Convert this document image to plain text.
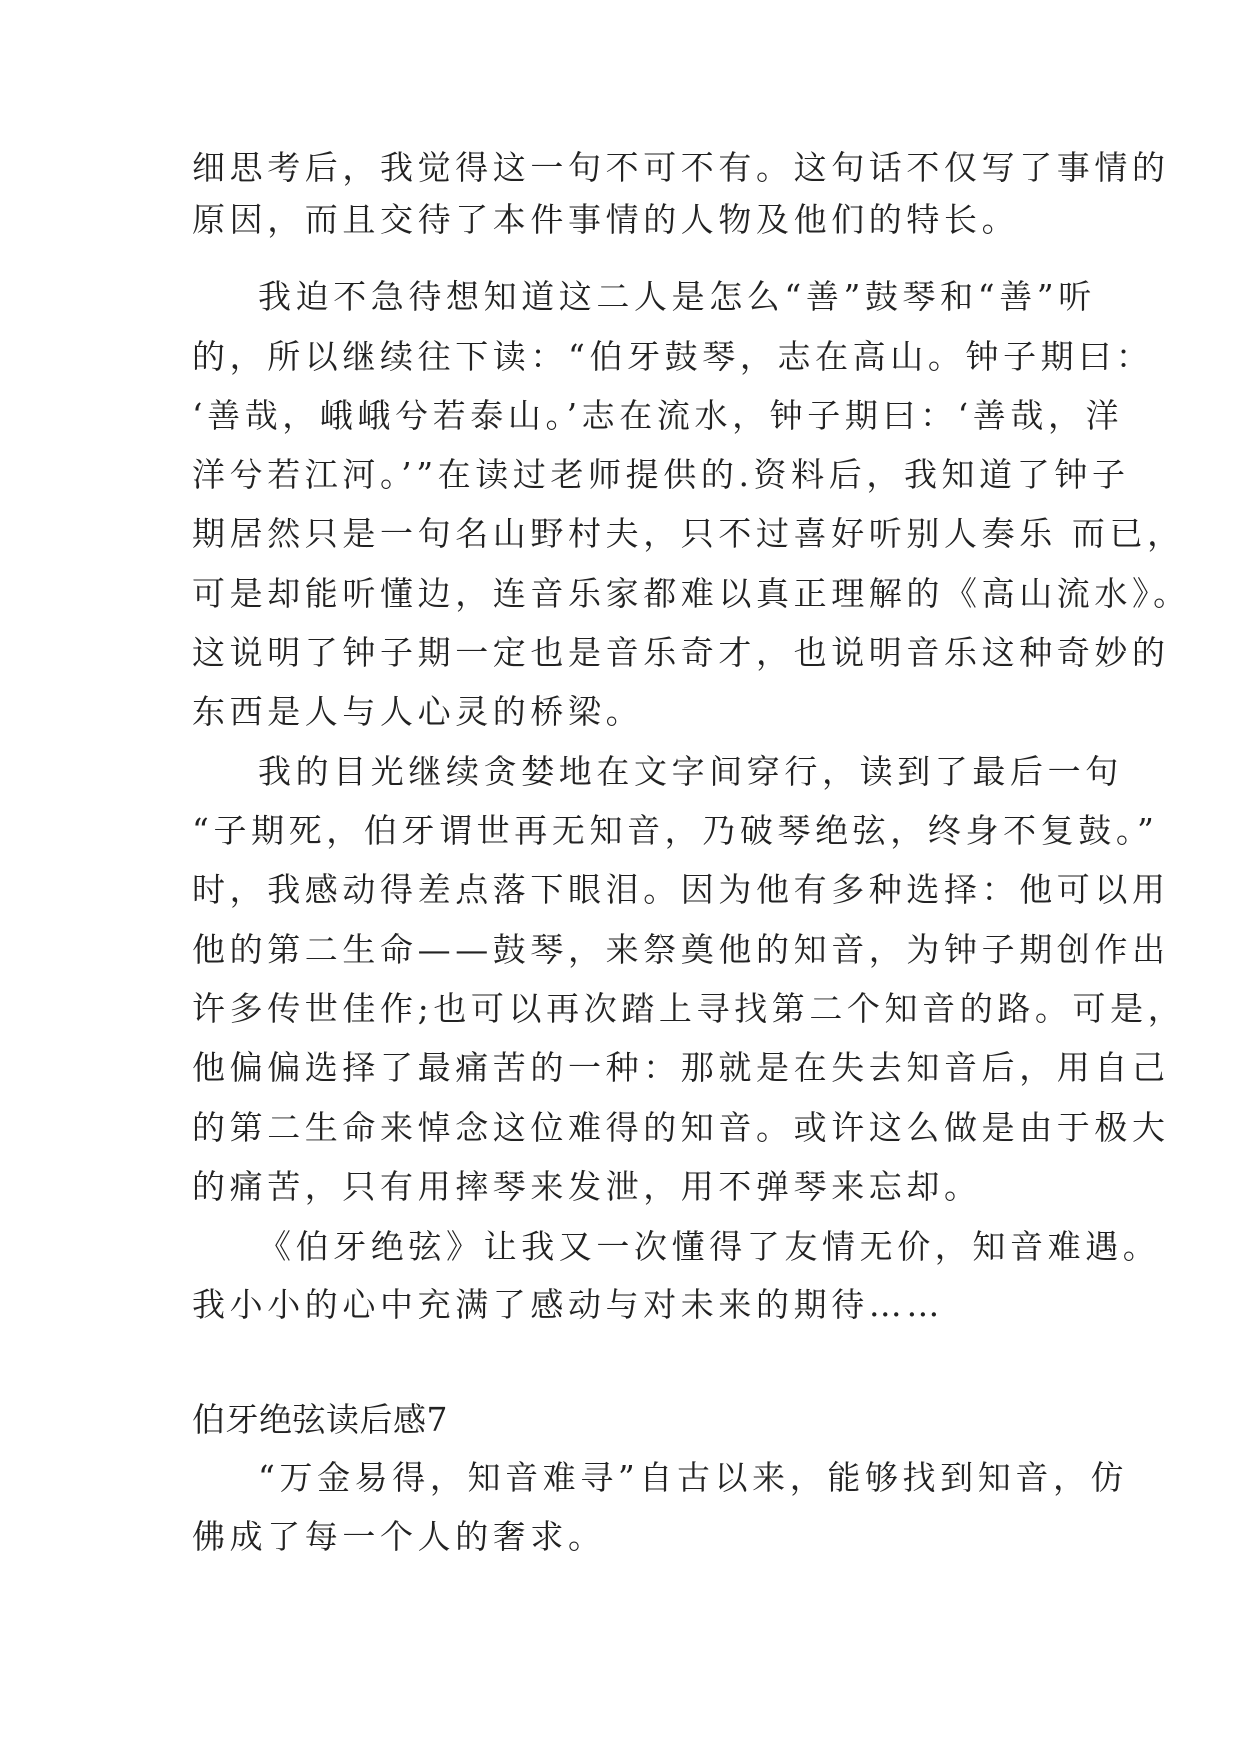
细思考后，我觉得这一句不可不有。这句话不仅写了事情的
原因，而且交待了本件事情的人物及他们的特长。
我迫不急待想知道这二人是怎么“善”鼓琴和“善”听
的，所以继续往下读：“伯牙鼓琴，志在高山。钟子期曰：
‘善哉，峨峨兮若泰山。’志在流水，钟子期曰：‘善哉，洋
洋兮若江河。’”在读过老师提供的.资料后，我知道了钟子
期居然只是一句名山野村夫，只不过喜好听别人奏乐 而已，
可是却能听懂边，连音乐家都难以真正理解的《高山流水》。
这说明了钟子期一定也是音乐奇才，也说明音乐这种奇妙的
东西是人与人心灵的桥梁。
我的目光继续贪婪地在文字间穿行，读到了最后一句
“子期死，伯牙谓世再无知音，乃破琴绝弦，终身不复鼓。”
时，我感动得差点落下眼泪。因为他有多种选择：他可以用
他的第二生命——鼓琴，来祭奠他的知音，为钟子期创作出
许多传世佳作;也可以再次踏上寻找第二个知音的路。可是，
他偏偏选择了最痛苦的一种：那就是在失去知音后，用自己
的第二生命来悼念这位难得的知音。或许这么做是由于极大
的痛苦，只有用摔琴来发泄，用不弹琴来忘却。
《伯牙绝弦》让我又一次懂得了友情无价，知音难遇。
我小小的心中充满了感动与对未来的期待……
伯牙绝弦读后感7
“万金易得，知音难寻”自古以来，能够找到知音，仿
佛成了每一个人的奢求。
